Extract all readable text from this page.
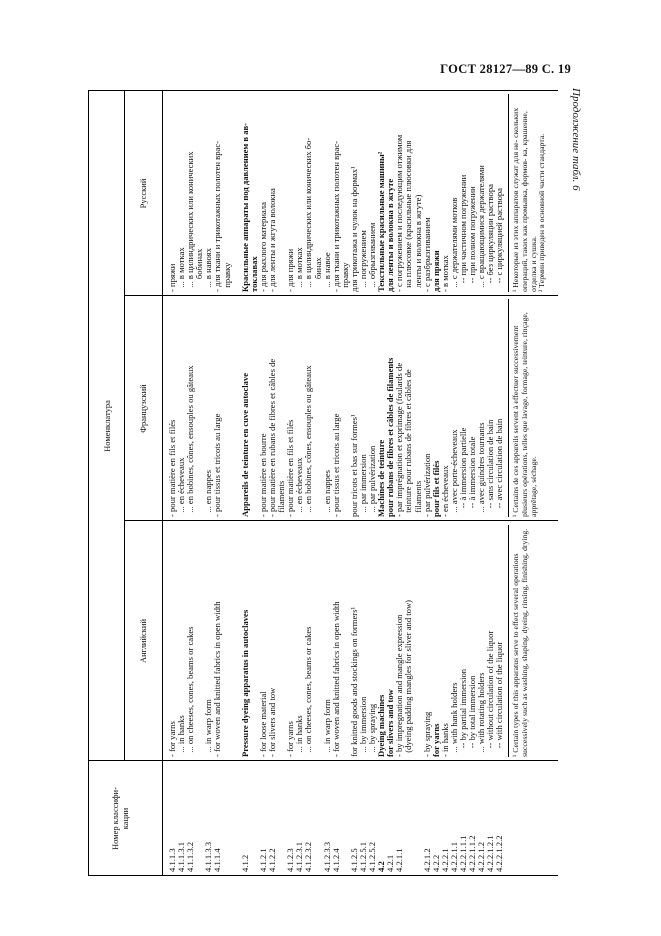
ГОСТ 28127—89 С. 19
Продолжение табл. 6
Номер классифи- кации
Номенклатура
Английский
Французский
Русский
4.1.1.3 4.1.1.3.1 4.1.1.3.2 4.1.1.3.3 4.1.1.4 4.1.2 4.1.2.1 4.1.2.2 4.1.2.3 4.1.2.3.1 4.1.2.3.2 4.1.2.3.3 4.1.2.4 4.1.2.5 4.1.2.5.1 4.1.2.5.2 4.2 4.2.1 4.2.1.1 4.2.1.2 4.2.2 4.2.2.1 4.2.2.1.1 4.2.2.1.1.1 4.2.2.1.1.2 4.2.2.1.2 4.2.2.1.2.1 4.2.2.1.2.2
- for yarns ... in hanks ... on cheeses, cones, beams or cakes ... in warp form - for woven and knitted fabrics in open width Pressure dyeing apparatus in autoclaves - for loose material - for slivers and tow - for yarns ... in hanks ... on cheeses, cones, beams or cakes ... in warp form - for woven and knitted fabrics in open width for knitted goods and stockings on formers¹ ... by immersion ... by spraying Dyeing machines for slivers and tow - by impregnation and mangle expression (dyeing padding mangles for sliver and tow) - by spraying for yarns - in hanks ... with hank holders -- by partial immersion -- by total immersion ... with rotating holders -- without circulation of the liquor -- with circulation of the liquor ¹ Certain types of this apparatus serve to effect several operations successively such as washing, shaping, dyeing, rinsing, finishing, drying.
- pour matière en fils et filés ... en écheveaux ... en bobines, cônes, ensouples ou gâteaux ... en nappes - pour tissus et tricots au large Appareils de teinture en cuve autoclave - pour matière en bourre - pour matière en rubans de fibres et câbles de filaments - pour matière en fils et filés ... en écheveaux ... en bobines, cônes, ensouples ou gâteaux ... en nappes - pour tissus et tricots au large pour tricots et bas sur formes¹ ... par immersion ... par pulvérization Machines de teinture pour rubans de fibres et câbles de filaments - par imprégnation et exprimage (foulards de teinture pour rubans de fibres et câbles de filaments - par pulvérization pour fils et filés - en écheveaux ... avec porte-écheveaux -- à immersion partielle -- à immersion totale ... avec guindres tournants -- sans circulation de bain -- avec circulation de bain ¹ Certains de ces appareils servent à effectuer successivement plusieurs opérations, telles que lavage, formage, teinture, rinçage, apprêtage, séchage.
- пряжи ... в мотках ... в цилиндрических или конических бобинах ... в навоях - для ткани и трикотажных полотен врас- правку Красильные аппараты под давлением в ав- токлавах - для рыхлого материала - для ленты и жгута волокна - для пряжи ... в мотках ... в цилиндрических или конических бо- бинах ... в навое - для ткани и трикотажных полотен врас- правку для трикотажа и чулок на формах¹ ... погружением ... обрызгиванием Текстильные красильные машины² для ленты и волокна в жгуте - с погружением и последующим отжимом на плюсовке (красильные плюсовки для ленты и волокна в жгуте) - с разбрызгиванием для пряжи - в мотках ... с держателями мотков -- при частичном погружении -- при полном погружении ... с вращающимися держателями -- без циркуляции раствора -- с циркуляцией раствора ¹ Некоторые из этих аппаратов служат для не- скольких операций, таких как промывка, формов- ка, крашение, отделка и сушка.
² Термин приведен в основной части стандарта.
